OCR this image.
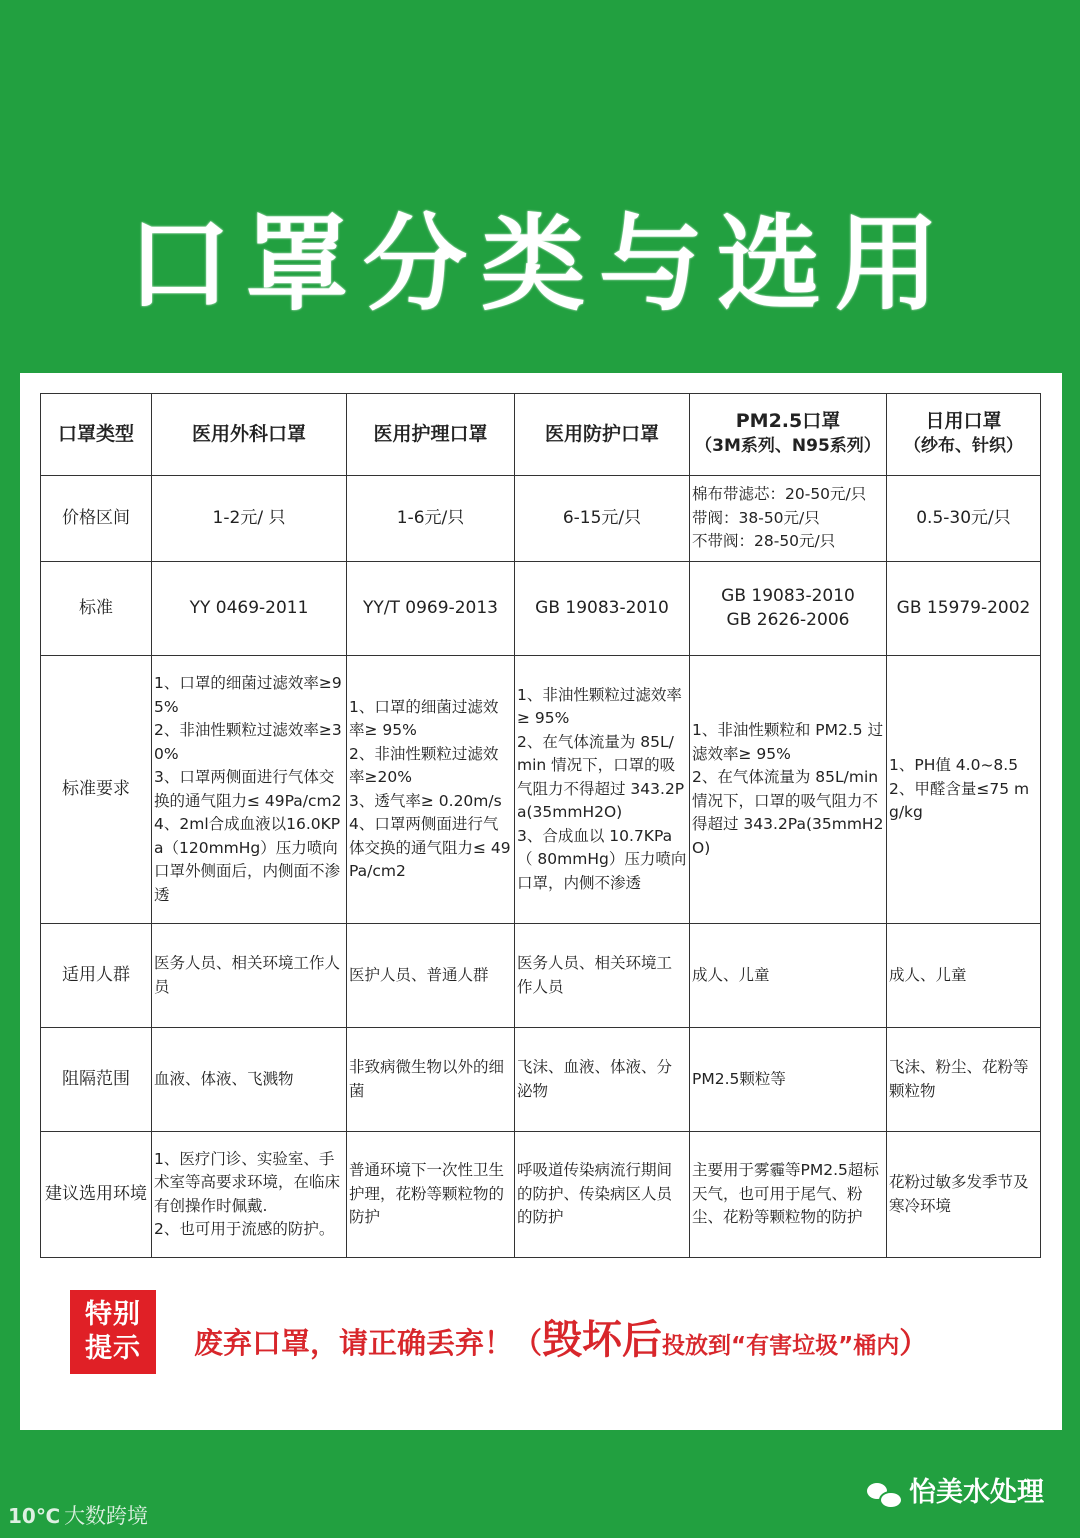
口罩分类与选用
口罩类型	医用外科口罩	医用护理口罩	医用防护口罩	PM2.5口罩
（3M系列、N95系列）	日用口罩
（纱布、针织）

价格区间	1-2元/ 只	1-6元/只	6-15元/只	棉布带滤芯：20-50元/只
带阀：38-50元/只
不带阀：28-50元/只	0.5-30元/只
标准	YY 0469-2011	YY/T 0969-2013	GB 19083-2010	GB 19083-2010
GB 2626-2006	GB 15979-2002
标准要求	1、口罩的细菌过滤效率≥95%
2、非油性颗粒过滤效率≥30%
3、口罩两侧面进行气体交换的通气阻力≤ 49Pa/cm2
4、2ml合成血液以16.0KPa（120mmHg）压力喷向口罩外侧面后，内侧面不渗透	1、口罩的细菌过滤效率≥ 95%
2、非油性颗粒过滤效率≥20%
3、透气率≥ 0.20m/s
4、口罩两侧面进行气体交换的通气阻力≤ 49Pa/cm2	1、非油性颗粒过滤效率≥ 95%
2、在气体流量为 85L/min 情况下，口罩的吸气阻力不得超过 343.2Pa(35mmH2O)
3、合成血以 10.7KPa（ 80mmHg）压力喷向口罩，内侧不渗透	1、非油性颗粒和 PM2.5 过滤效率≥ 95%
2、在气体流量为 85L/min 情况下，口罩的吸气阻力不得超过 343.2Pa(35mmH2O)	1、PH值 4.0~8.5
2、甲醛含量≤75 mg/kg
适用人群	医务人员、相关环境工作人员	医护人员、普通人群	医务人员、相关环境工作人员	成人、儿童	成人、儿童
阻隔范围	血液、体液、飞溅物	非致病微生物以外的细菌	飞沫、血液、体液、分泌物	PM2.5颗粒等	飞沫、粉尘、花粉等颗粒物
建议选用环境	1、医疗门诊、实验室、手术室等高要求环境，在临床有创操作时佩戴.
2、也可用于流感的防护。	普通环境下一次性卫生护理，花粉等颗粒物的防护	呼吸道传染病流行期间的防护、传染病区人员的防护	主要用于雾霾等PM2.5超标天气，也可用于尾气、粉尘、花粉等颗粒物的防护	花粉过敏多发季节及寒冷环境
特别
提示	废弃口罩，请正确丢弃！（毁坏后投放到“有害垃圾”桶内）
10℃ 大数跨境
怡美水处理
